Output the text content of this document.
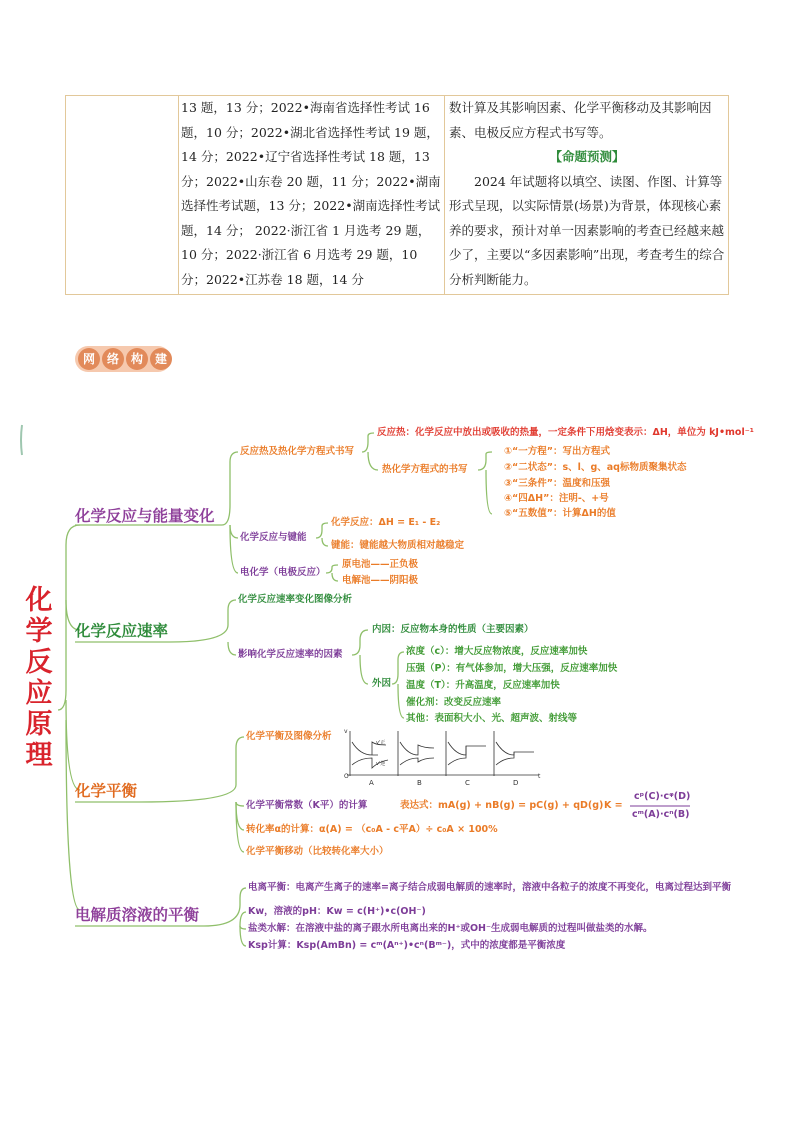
13 题，13 分；2022•海南省选择性考试 16 题，10 分；2022•湖北省选择性考试 19 题，14 分；2022•辽宁省选择性考试 18 题，13 分；2022•山东卷 20 题，11 分；2022•湖南选择性考试题，13 分；2022•湖南选择性考试题，14 分； 2022·浙江省 1 月选考 29 题，10 分；2022·浙江省 6 月选考 29 题，10 分；2022•江苏卷 18 题，14 分
数计算及其影响因素、化学平衡移动及其影响因素、电极反应方程式书写等。
【命题预测】
2024 年试题将以填空、读图、作图、计算等形式呈现，以实际情景(场景)为背景，体现核心素养的要求，预计对单一因素影响的考查已经越来越少了，主要以“多因素影响”出现，考查考生的综合分析判断能力。
网 络 构 建
A	B	C	D
v
O	t
v'正
v'逆
化学反应原理
化学反应与能量变化
化学反应速率
化学平衡
电解质溶液的平衡
反应热及热化学方程式书写
反应热：化学反应中放出或吸收的热量，一定条件下用焓变表示：ΔH，单位为 kJ•mol⁻¹
热化学方程式的书写
①“一方程”：写出方程式
②“二状态”：s、l、g、aq标物质聚集状态
③“三条件”：温度和压强
④“四ΔH”：注明-、+号
⑤“五数值”：计算ΔH的值
化学反应与键能
化学反应：ΔH = E₁ - E₂
键能：键能越大物质相对越稳定
电化学（电极反应）
原电池——正负极
电解池——阴阳极
化学反应速率变化图像分析
影响化学反应速率的因素
内因：反应物本身的性质（主要因素）
外因
浓度（c）：增大反应物浓度，反应速率加快
压强（P）：有气体参加，增大压强，反应速率加快
温度（T）：升高温度，反应速率加快
催化剂：改变反应速率
其他：表面积大小、光、超声波、射线等
化学平衡及图像分析
化学平衡常数（K平）的计算	表达式：mA(g) + nB(g) = pC(g) + qD(g) K =
cᵖ(C)·cᵠ(D)
cᵐ(A)·cⁿ(B)
转化率α的计算：α(A) = （c₀A - c平A）÷ c₀A × 100%
化学平衡移动（比较转化率大小）
电离平衡：电离产生离子的速率=离子结合成弱电解质的速率时，溶液中各粒子的浓度不再变化，电离过程达到平衡
Kw，溶液的pH：Kw = c(H⁺)•c(OH⁻)
盐类水解：在溶液中盐的离子跟水所电离出来的H⁺或OH⁻生成弱电解质的过程叫做盐类的水解。
Ksp计算：Ksp(AmBn) = cᵐ(Aⁿ⁺)•cⁿ(Bᵐ⁻)，式中的浓度都是平衡浓度
